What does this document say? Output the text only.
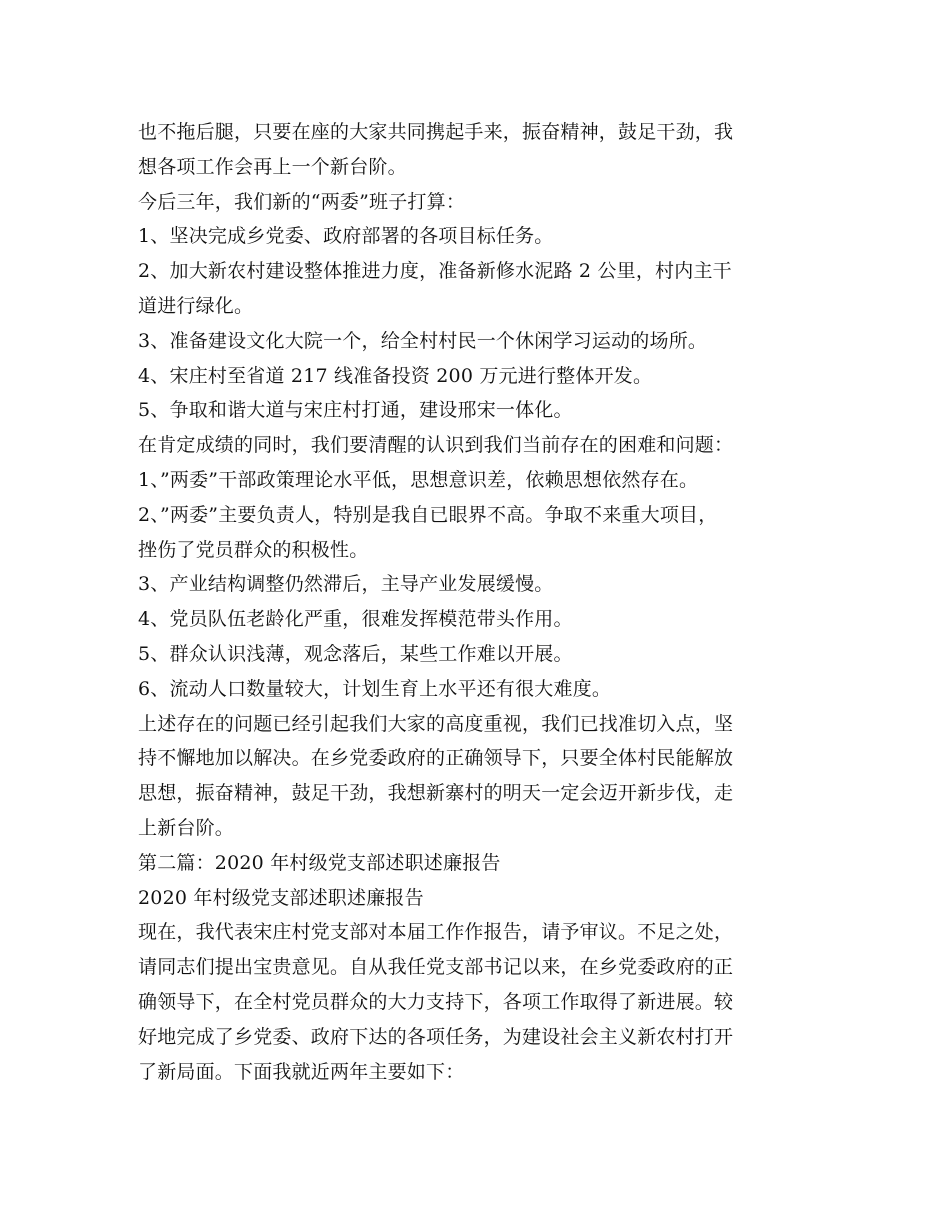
也不拖后腿，只要在座的大家共同携起手来，振奋精神，鼓足干劲，我
想各项工作会再上一个新台阶。
今后三年，我们新的“两委”班子打算：
1、坚决完成乡党委、政府部署的各项目标任务。
2、加大新农村建设整体推进力度，准备新修水泥路 2 公里，村内主干
道进行绿化。
3、准备建设文化大院一个，给全村村民一个休闲学习运动的场所。
4、宋庄村至省道 217 线准备投资 200 万元进行整体开发。
5、争取和谐大道与宋庄村打通，建设邢宋一体化。
在肯定成绩的同时，我们要清醒的认识到我们当前存在的困难和问题：
1、”两委”干部政策理论水平低，思想意识差，依赖思想依然存在。
2、”两委”主要负责人，特别是我自已眼界不高。争取不来重大项目，
挫伤了党员群众的积极性。
3、产业结构调整仍然滞后，主导产业发展缓慢。
4、党员队伍老龄化严重，很难发挥模范带头作用。
5、群众认识浅薄，观念落后，某些工作难以开展。
6、流动人口数量较大，计划生育上水平还有很大难度。
上述存在的问题已经引起我们大家的高度重视，我们已找准切入点，坚
持不懈地加以解决。在乡党委政府的正确领导下，只要全体村民能解放
思想，振奋精神，鼓足干劲，我想新寨村的明天一定会迈开新步伐，走
上新台阶。
第二篇：2020 年村级党支部述职述廉报告
2020 年村级党支部述职述廉报告
现在，我代表宋庄村党支部对本届工作作报告，请予审议。不足之处，
请同志们提出宝贵意见。自从我任党支部书记以来，在乡党委政府的正
确领导下，在全村党员群众的大力支持下，各项工作取得了新进展。较
好地完成了乡党委、政府下达的各项任务，为建设社会主义新农村打开
了新局面。下面我就近两年主要如下：
